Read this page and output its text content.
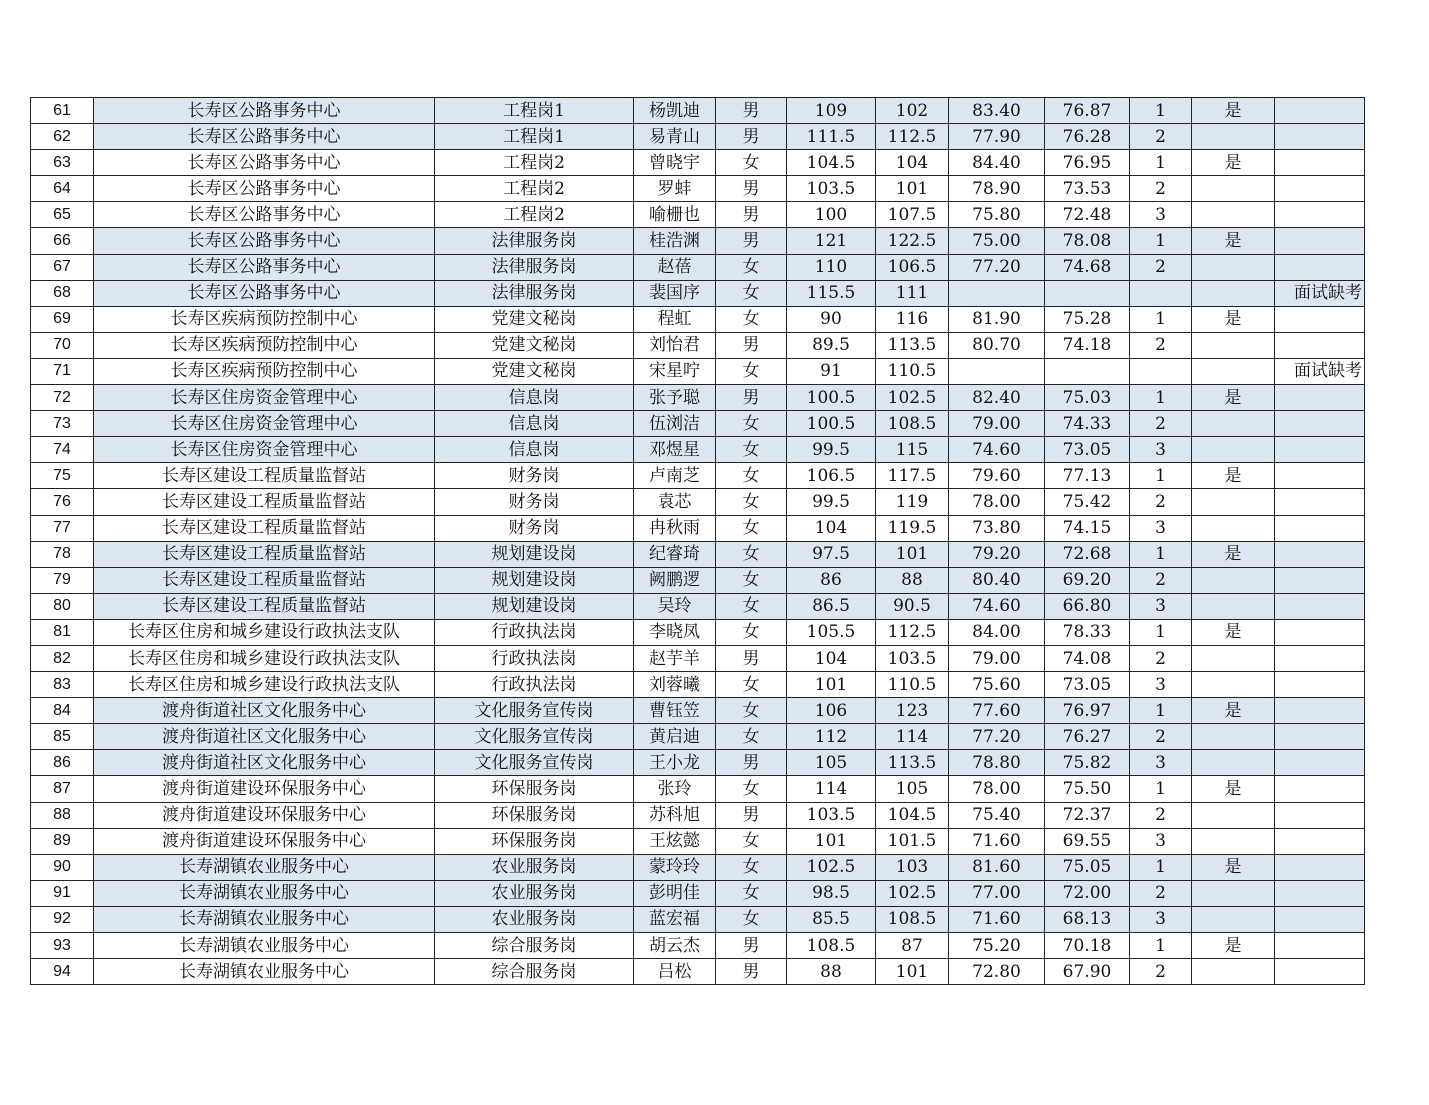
61	长寿区公路事务中心	工程岗1	杨凯迪	男	109	102	83.40	76.87	1	是	
62	长寿区公路事务中心	工程岗1	易青山	男	111.5	112.5	77.90	76.28	2		
63	长寿区公路事务中心	工程岗2	曾晓宇	女	104.5	104	84.40	76.95	1	是	
64	长寿区公路事务中心	工程岗2	罗蚌	男	103.5	101	78.90	73.53	2		
65	长寿区公路事务中心	工程岗2	喻栅也	男	100	107.5	75.80	72.48	3		
66	长寿区公路事务中心	法律服务岗	桂浩渊	男	121	122.5	75.00	78.08	1	是	
67	长寿区公路事务中心	法律服务岗	赵蓓	女	110	106.5	77.20	74.68	2		
68	长寿区公路事务中心	法律服务岗	裴国序	女	115.5	111					面试缺考
69	长寿区疾病预防控制中心	党建文秘岗	程虹	女	90	116	81.90	75.28	1	是	
70	长寿区疾病预防控制中心	党建文秘岗	刘怡君	男	89.5	113.5	80.70	74.18	2		
71	长寿区疾病预防控制中心	党建文秘岗	宋星咛	女	91	110.5					面试缺考
72	长寿区住房资金管理中心	信息岗	张予聪	男	100.5	102.5	82.40	75.03	1	是	
73	长寿区住房资金管理中心	信息岗	伍浏洁	女	100.5	108.5	79.00	74.33	2		
74	长寿区住房资金管理中心	信息岗	邓煜星	女	99.5	115	74.60	73.05	3		
75	长寿区建设工程质量监督站	财务岗	卢南芝	女	106.5	117.5	79.60	77.13	1	是	
76	长寿区建设工程质量监督站	财务岗	袁芯	女	99.5	119	78.00	75.42	2		
77	长寿区建设工程质量监督站	财务岗	冉秋雨	女	104	119.5	73.80	74.15	3		
78	长寿区建设工程质量监督站	规划建设岗	纪睿琦	女	97.5	101	79.20	72.68	1	是	
79	长寿区建设工程质量监督站	规划建设岗	阙鹏逻	女	86	88	80.40	69.20	2		
80	长寿区建设工程质量监督站	规划建设岗	吴玲	女	86.5	90.5	74.60	66.80	3		
81	长寿区住房和城乡建设行政执法支队	行政执法岗	李晓凤	女	105.5	112.5	84.00	78.33	1	是	
82	长寿区住房和城乡建设行政执法支队	行政执法岗	赵芋羊	男	104	103.5	79.00	74.08	2		
83	长寿区住房和城乡建设行政执法支队	行政执法岗	刘蓉曦	女	101	110.5	75.60	73.05	3		
84	渡舟街道社区文化服务中心	文化服务宣传岗	曹钰笠	女	106	123	77.60	76.97	1	是	
85	渡舟街道社区文化服务中心	文化服务宣传岗	黄启迪	女	112	114	77.20	76.27	2		
86	渡舟街道社区文化服务中心	文化服务宣传岗	王小龙	男	105	113.5	78.80	75.82	3		
87	渡舟街道建设环保服务中心	环保服务岗	张玲	女	114	105	78.00	75.50	1	是	
88	渡舟街道建设环保服务中心	环保服务岗	苏科旭	男	103.5	104.5	75.40	72.37	2		
89	渡舟街道建设环保服务中心	环保服务岗	王炫懿	女	101	101.5	71.60	69.55	3		
90	长寿湖镇农业服务中心	农业服务岗	蒙玲玲	女	102.5	103	81.60	75.05	1	是	
91	长寿湖镇农业服务中心	农业服务岗	彭明佳	女	98.5	102.5	77.00	72.00	2		
92	长寿湖镇农业服务中心	农业服务岗	蓝宏福	女	85.5	108.5	71.60	68.13	3		
93	长寿湖镇农业服务中心	综合服务岗	胡云杰	男	108.5	87	75.20	70.18	1	是	
94	长寿湖镇农业服务中心	综合服务岗	吕松	男	88	101	72.80	67.90	2		
